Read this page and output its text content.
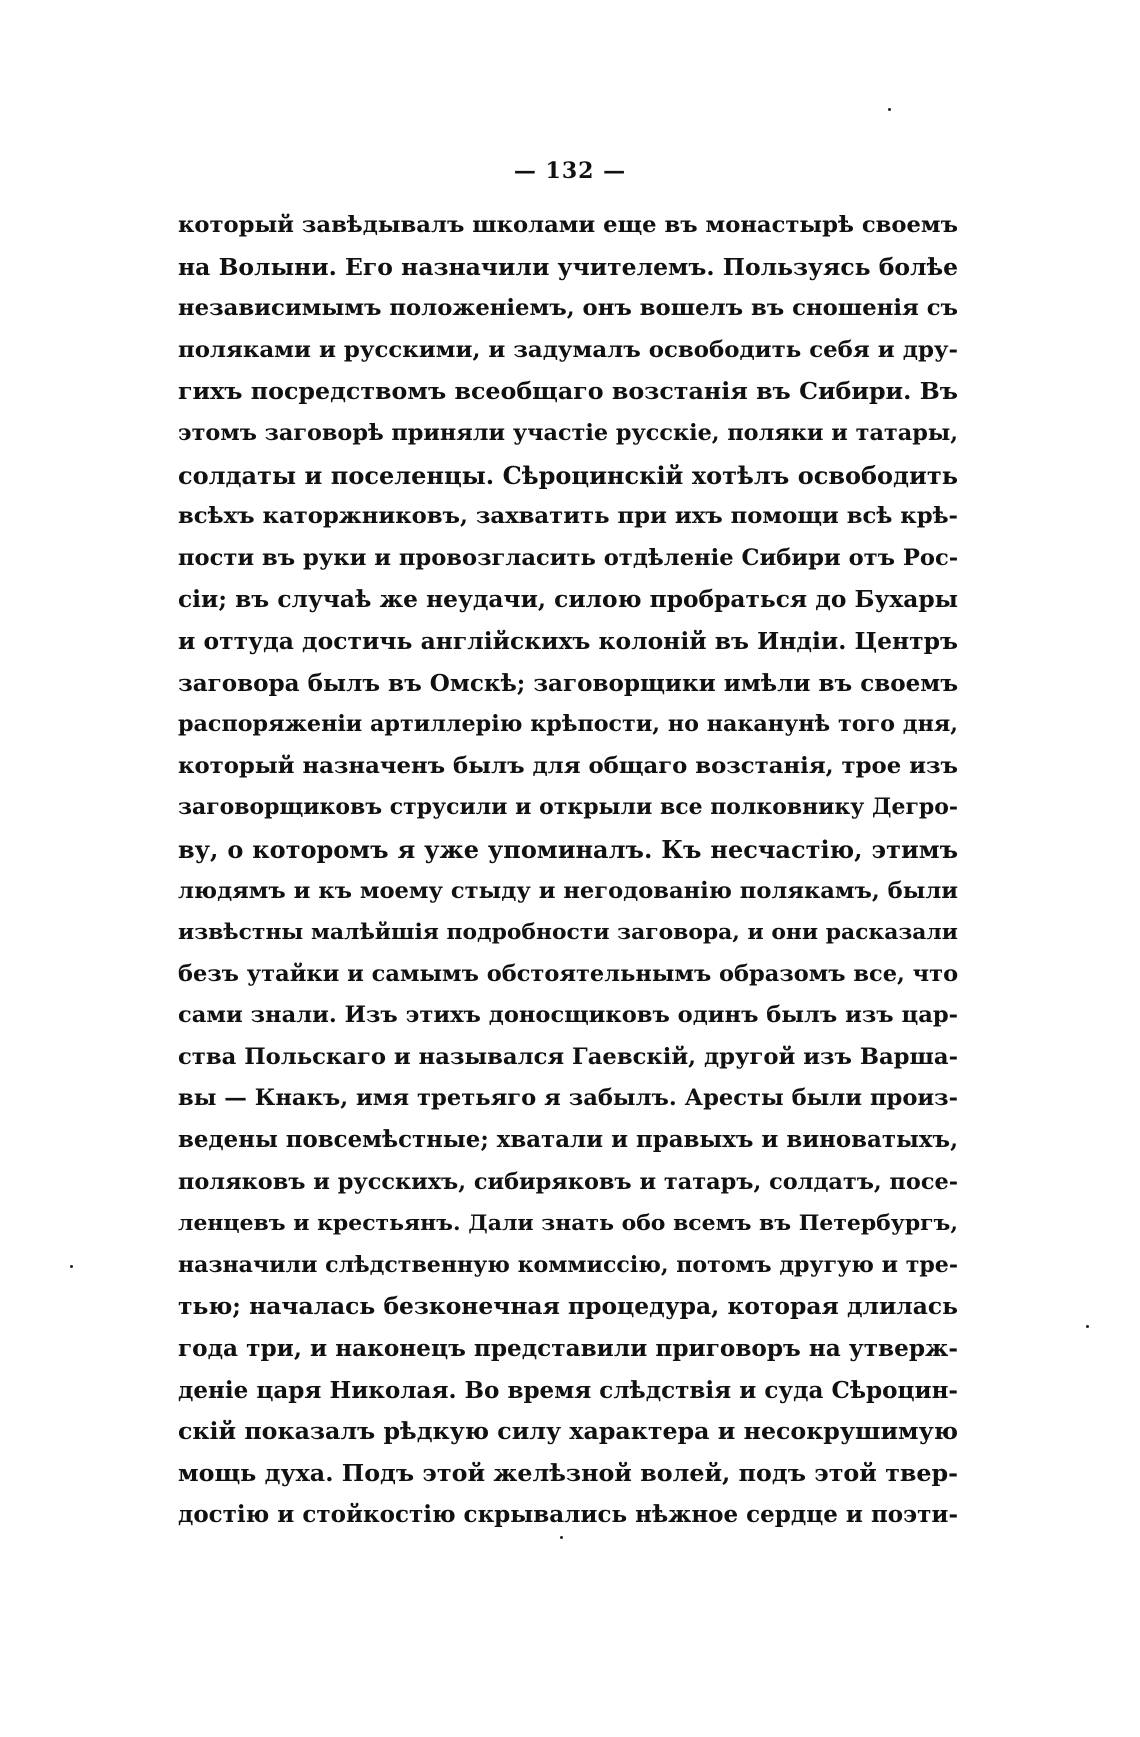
— 132 —
который завѣдывалъ школами еще въ монастырѣ своемъ
на Волыни. Его назначили учителемъ. Пользуясь болѣе
независимымъ положеніемъ, онъ вошелъ въ сношенія съ
поляками и русскими, и задумалъ освободить себя и дру-
гихъ посредствомъ всеобщаго возстанія въ Сибири. Въ
этомъ заговорѣ приняли участіе русскіе, поляки и татары,
солдаты и поселенцы. Сѣроцинскій хотѣлъ освободить
всѣхъ каторжниковъ, захватить при ихъ помощи всѣ крѣ-
пости въ руки и провозгласить отдѣленіе Сибири отъ Рос-
сіи; въ случаѣ же неудачи, силою пробраться до Бухары
и оттуда достичь англійскихъ колоній въ Индіи. Центръ
заговора былъ въ Омскѣ; заговорщики имѣли въ своемъ
распоряженіи артиллерію крѣпости, но наканунѣ того дня,
который назначенъ былъ для общаго возстанія, трое изъ
заговорщиковъ струсили и открыли все полковнику Дегро-
ву, о которомъ я уже упоминалъ. Къ несчастію, этимъ
людямъ и къ моему стыду и негодованію полякамъ, были
извѣстны малѣйшія подробности заговора, и они расказали
безъ утайки и самымъ обстоятельнымъ образомъ все, что
сами знали. Изъ этихъ доносщиковъ одинъ былъ изъ цар-
ства Польскаго и назывался Гаевскій, другой изъ Варша-
вы — Кнакъ, имя третьяго я забылъ. Аресты были произ-
ведены повсемѣстные; хватали и правыхъ и виноватыхъ,
поляковъ и русскихъ, сибиряковъ и татаръ, солдатъ, посе-
ленцевъ и крестьянъ. Дали знать обо всемъ въ Петербургъ,
назначили слѣдственную коммиссію, потомъ другую и тре-
тью; началась безконечная процедура, которая длилась
года три, и наконецъ представили приговоръ на утверж-
деніе царя Николая. Во время слѣдствія и суда Сѣроцин-
скій показалъ рѣдкую силу характера и несокрушимую
мощь духа. Подъ этой желѣзной волей, подъ этой твер-
достію и стойкостію скрывались нѣжное сердце и поэти-
